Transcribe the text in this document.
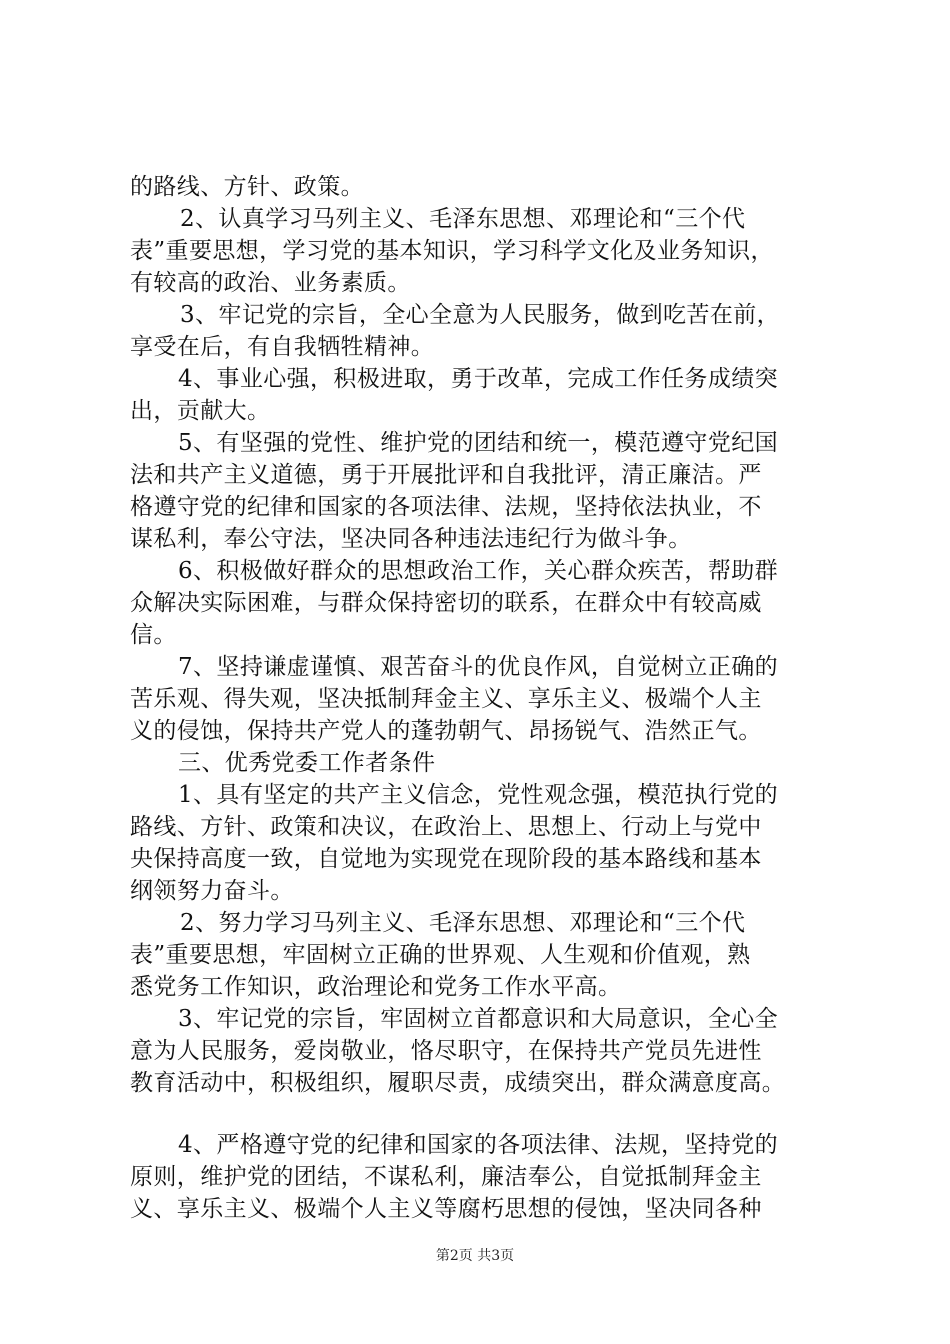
的路线、方针、政策。
2、认真学习马列主义、毛泽东思想、邓理论和“三个代
表”重要思想，学习党的基本知识，学习科学文化及业务知识，
有较高的政治、业务素质。
3、牢记党的宗旨，全心全意为人民服务，做到吃苦在前，
享受在后，有自我牺牲精神。
4、事业心强，积极进取，勇于改革，完成工作任务成绩突
出，贡献大。
5、有坚强的党性、维护党的团结和统一，模范遵守党纪国
法和共产主义道德，勇于开展批评和自我批评，清正廉洁。严
格遵守党的纪律和国家的各项法律、法规，坚持依法执业，不
谋私利，奉公守法，坚决同各种违法违纪行为做斗争。
6、积极做好群众的思想政治工作，关心群众疾苦，帮助群
众解决实际困难，与群众保持密切的联系，在群众中有较高威
信。
7、坚持谦虚谨慎、艰苦奋斗的优良作风，自觉树立正确的
苦乐观、得失观，坚决抵制拜金主义、享乐主义、极端个人主
义的侵蚀，保持共产党人的蓬勃朝气、昂扬锐气、浩然正气。
三、优秀党委工作者条件
1、具有坚定的共产主义信念，党性观念强，模范执行党的
路线、方针、政策和决议，在政治上、思想上、行动上与党中
央保持高度一致，自觉地为实现党在现阶段的基本路线和基本
纲领努力奋斗。
2、努力学习马列主义、毛泽东思想、邓理论和“三个代
表”重要思想，牢固树立正确的世界观、人生观和价值观，熟
悉党务工作知识，政治理论和党务工作水平高。
3、牢记党的宗旨，牢固树立首都意识和大局意识，全心全
意为人民服务，爱岗敬业，恪尽职守，在保持共产党员先进性
教育活动中，积极组织，履职尽责，成绩突出，群众满意度高。
4、严格遵守党的纪律和国家的各项法律、法规，坚持党的
原则，维护党的团结，不谋私利，廉洁奉公，自觉抵制拜金主
义、享乐主义、极端个人主义等腐朽思想的侵蚀，坚决同各种
第2页 共3页
